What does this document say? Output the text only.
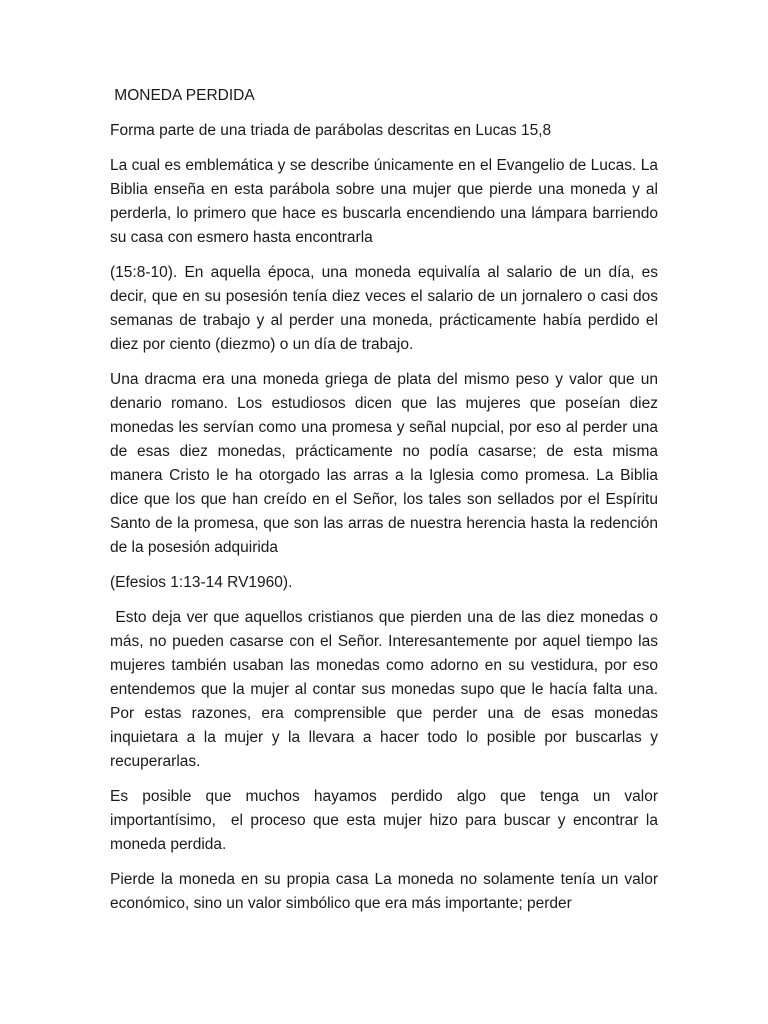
MONEDA PERDIDA

Forma parte de una triada de parábolas descritas en Lucas 15,8

La cual es emblemática y se describe únicamente en el Evangelio de Lucas. La Biblia enseña en esta parábola sobre una mujer que pierde una moneda y al perderla, lo primero que hace es buscarla encendiendo una lámpara barriendo su casa con esmero hasta encontrarla

(15:8-10). En aquella época, una moneda equivalía al salario de un día, es decir, que en su posesión tenía diez veces el salario de un jornalero o casi dos semanas de trabajo y al perder una moneda, prácticamente había perdido el diez por ciento (diezmo) o un día de trabajo.

Una dracma era una moneda griega de plata del mismo peso y valor que un denario romano. Los estudiosos dicen que las mujeres que poseían diez monedas les servían como una promesa y señal nupcial, por eso al perder una de esas diez monedas, prácticamente no podía casarse; de esta misma manera Cristo le ha otorgado las arras a la Iglesia como promesa. La Biblia dice que los que han creído en el Señor, los tales son sellados por el Espíritu Santo de la promesa, que son las arras de nuestra herencia hasta la redención de la posesión adquirida

(Efesios 1:13-14 RV1960).

Esto deja ver que aquellos cristianos que pierden una de las diez monedas o más, no pueden casarse con el Señor. Interesantemente por aquel tiempo las mujeres también usaban las monedas como adorno en su vestidura, por eso entendemos que la mujer al contar sus monedas supo que le hacía falta una. Por estas razones, era comprensible que perder una de esas monedas inquietara a la mujer y la llevara a hacer todo lo posible por buscarlas y recuperarlas.

Es posible que muchos hayamos perdido algo que tenga un valor importantísimo,  el proceso que esta mujer hizo para buscar y encontrar la moneda perdida.

Pierde la moneda en su propia casa La moneda no solamente tenía un valor económico, sino un valor simbólico que era más importante; perder
